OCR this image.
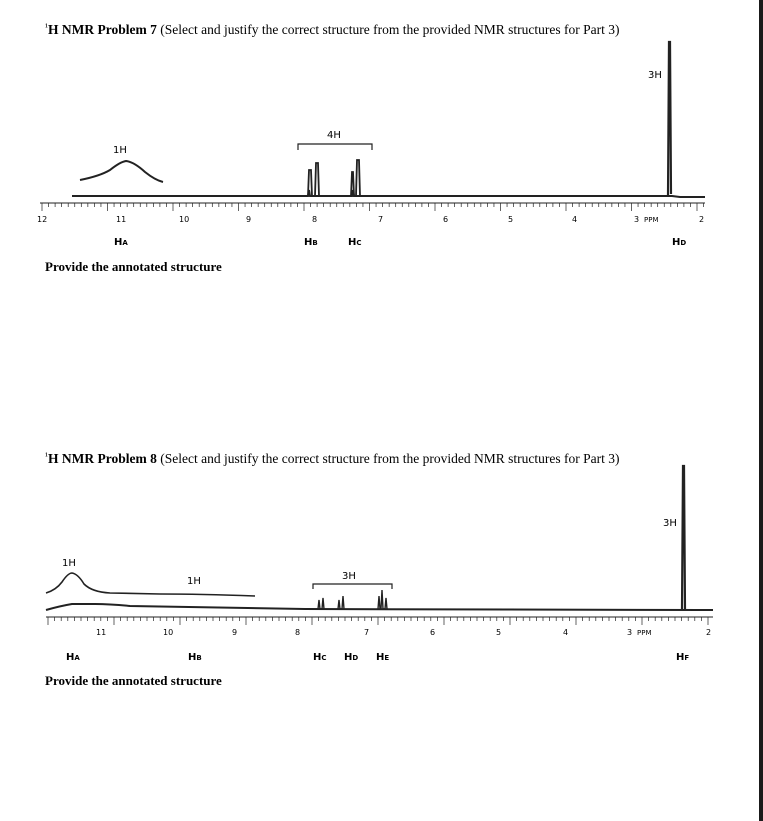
$^{^1}$H NMR Problem 7 (Select and justify the correct structure from the provided NMR structures for Part 3)
1H
4H
3H
12	11	10	9	8	7	6	5	4	3 PPM	2
HA	HB	HC	HD
Provide the annotated structure
$^{^1}$H NMR Problem 8 (Select and justify the correct structure from the provided NMR structures for Part 3)
1H
1H	3H
3H
11	10	9	8	7	6	5	4	3 PPM	2
HA	HB	HC HD HE	HF
Provide the annotated structure
